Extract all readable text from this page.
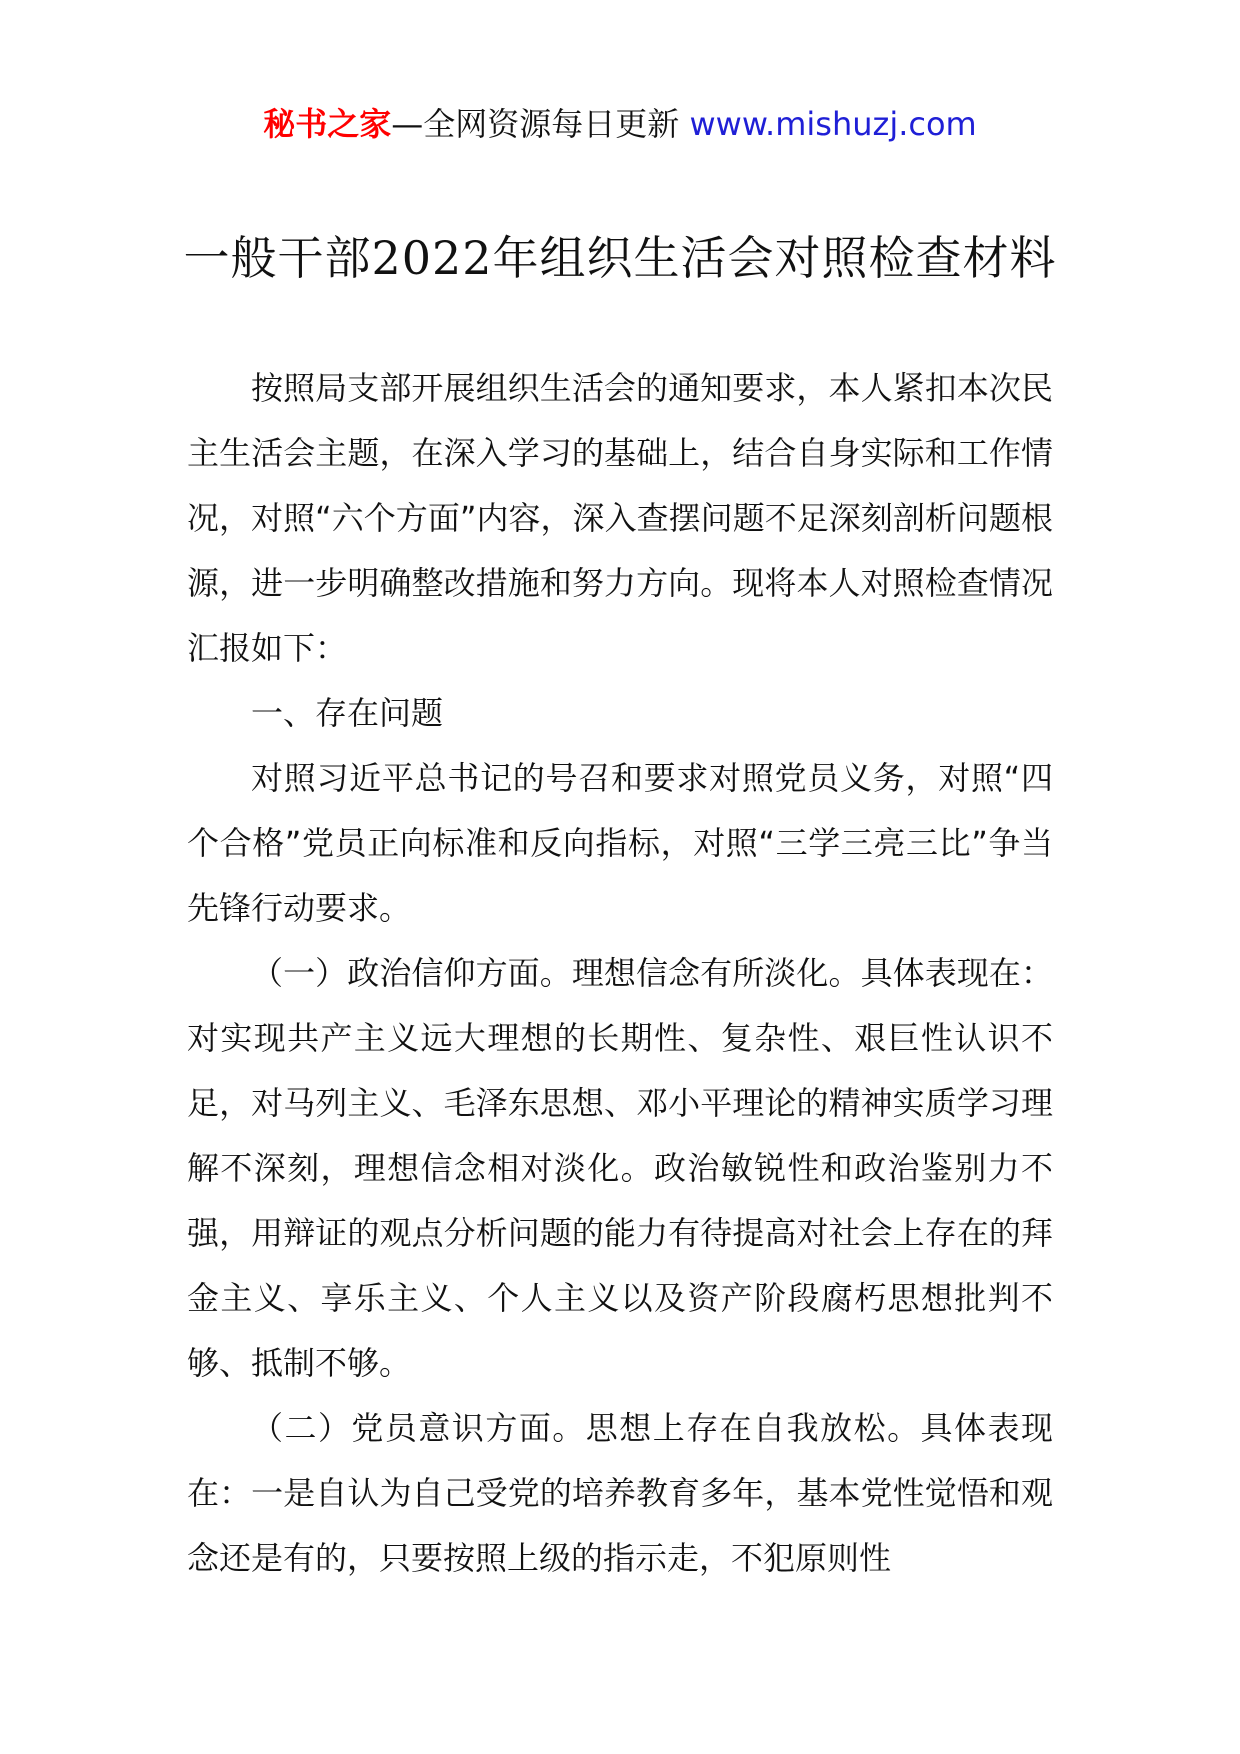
秘书之家—全网资源每日更新 www.mishuzj.com
一般干部2022年组织生活会对照检查材料

按照局支部开展组织生活会的通知要求，本人紧扣本次民主生活会主题，在深入学习的基础上，结合自身实际和工作情况，对照“六个方面”内容，深入查摆问题不足深刻剖析问题根源，进一步明确整改措施和努力方向。现将本人对照检查情况汇报如下：

一、存在问题

对照习近平总书记的号召和要求对照党员义务，对照“四个合格”党员正向标准和反向指标，对照“三学三亮三比”争当先锋行动要求。

（一）政治信仰方面。理想信念有所淡化。具体表现在：对实现共产主义远大理想的长期性、复杂性、艰巨性认识不足，对马列主义、毛泽东思想、邓小平理论的精神实质学习理解不深刻，理想信念相对淡化。政治敏锐性和政治鉴别力不强，用辩证的观点分析问题的能力有待提高对社会上存在的拜金主义、享乐主义、个人主义以及资产阶段腐朽思想批判不够、抵制不够。

（二）党员意识方面。思想上存在自我放松。具体表现在：一是自认为自己受党的培养教育多年，基本党性觉悟和观念还是有的，只要按照上级的指示走，不犯原则性
